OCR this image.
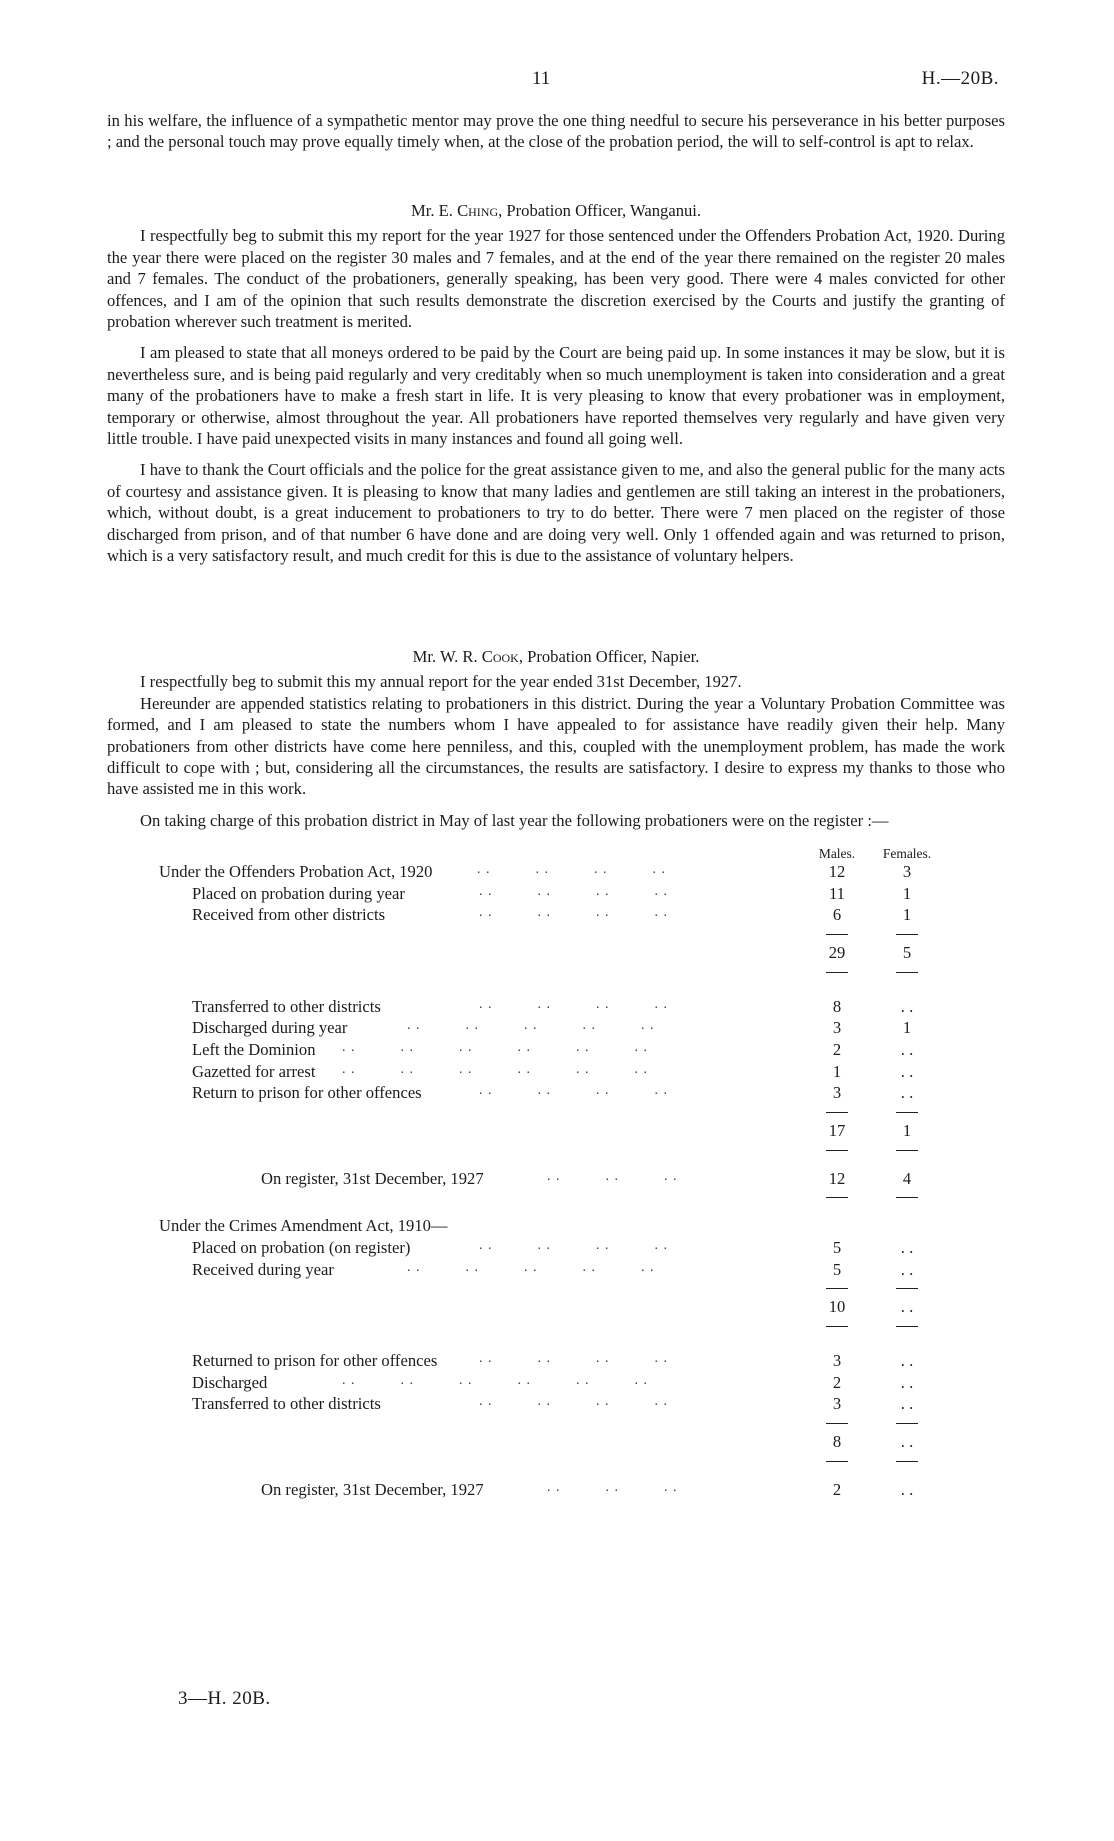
11	H.—20B.

in his welfare, the influence of a sympathetic mentor may prove the one thing needful to secure his perseverance in his better purposes ; and the personal touch may prove equally timely when, at the close of the probation period, the will to self-control is apt to relax.

Mr. E. Ching, Probation Officer, Wanganui.

I respectfully beg to submit this my report for the year 1927 for those sentenced under the Offenders Probation Act, 1920. During the year there were placed on the register 30 males and 7 females, and at the end of the year there remained on the register 20 males and 7 females. The conduct of the probationers, generally speaking, has been very good. There were 4 males convicted for other offences, and I am of the opinion that such results demonstrate the discretion exercised by the Courts and justify the granting of probation wherever such treatment is merited.

I am pleased to state that all moneys ordered to be paid by the Court are being paid up. In some instances it may be slow, but it is nevertheless sure, and is being paid regularly and very creditably when so much unemployment is taken into consideration and a great many of the probationers have to make a fresh start in life. It is very pleasing to know that every probationer was in employment, temporary or otherwise, almost throughout the year. All probationers have reported themselves very regularly and have given very little trouble. I have paid unexpected visits in many instances and found all going well.

I have to thank the Court officials and the police for the great assistance given to me, and also the general public for the many acts of courtesy and assistance given. It is pleasing to know that many ladies and gentlemen are still taking an interest in the probationers, which, without doubt, is a great inducement to probationers to try to do better. There were 7 men placed on the register of those discharged from prison, and of that number 6 have done and are doing very well. Only 1 offended again and was returned to prison, which is a very satisfactory result, and much credit for this is due to the assistance of voluntary helpers.

Mr. W. R. Cook, Probation Officer, Napier.

I respectfully beg to submit this my annual report for the year ended 31st December, 1927.

Hereunder are appended statistics relating to probationers in this district. During the year a Voluntary Probation Committee was formed, and I am pleased to state the numbers whom I have appealed to for assistance have readily given their help. Many probationers from other districts have come here penniless, and this, coupled with the unemployment problem, has made the work difficult to cope with ; but, considering all the circumstances, the results are satisfactory. I desire to express my thanks to those who have assisted me in this work.

On taking charge of this probation district in May of last year the following probationers were on the register :—

Males.	Females.
Under the Offenders Probation Act, 1920	. .          . .          . .          . .	12	3
Placed on probation during year	. .          . .          . .          . .	11	1
Received from other districts	. .          . .          . .          . .	6	1
29	5
Transferred to other districts	. .          . .          . .          . .	8	. .
Discharged during year	. .          . .          . .          . .          . .	3	1
Left the Dominion . .          . .          . .          . .          . .          . .	2	. .
Gazetted for arrest . .          . .          . .          . .          . .          . .	1	. .
Return to prison for other offences	. .          . .          . .          . .	3	. .
17	1
On register, 31st December, 1927	. .          . .          . .	12	4
Under the Crimes Amendment Act, 1910—
Placed on probation (on register)	. .          . .          . .          . .	5	. .
Received during year	. .          . .          . .          . .          . .	5	. .
10	. .
Returned to prison for other offences	. .          . .          . .          . .	3	. .
Discharged	. .          . .          . .          . .          . .          . .	2	. .
Transferred to other districts	. .          . .          . .          . .	3	. .
8	. .
On register, 31st December, 1927	. .          . .          . .	2	. .
3—H. 20B.
